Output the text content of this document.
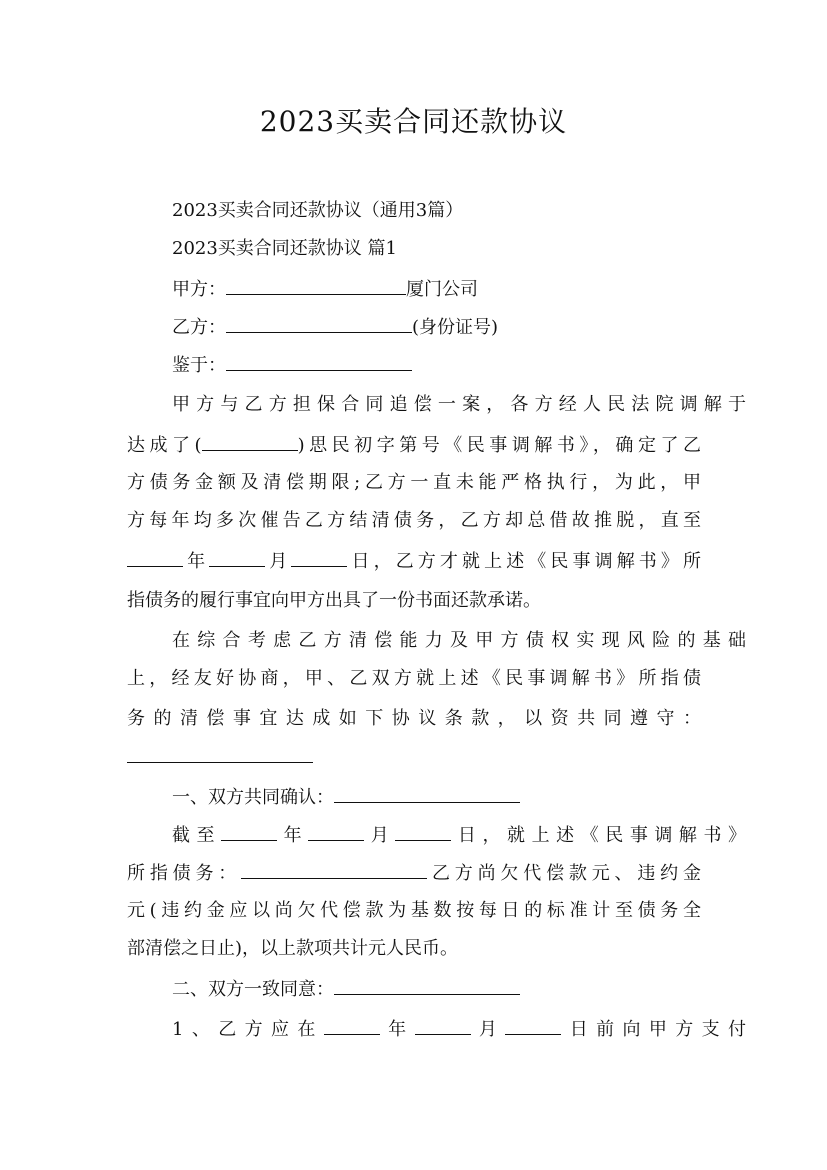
2023买卖合同还款协议
2023买卖合同还款协议（通用3篇）
2023买卖合同还款协议 篇1
甲方：	厦门公司
乙方：	(身份证号)
鉴于：
甲方与乙方担保合同追偿一案，各方经人民法院调解于
达成了(	)思民初字第号《民事调解书》，确定了乙
方债务金额及清偿期限;乙方一直未能严格执行，为此，甲
方每年均多次催告乙方结清债务，乙方却总借故推脱，直至
年	月	日，乙方才就上述《民事调解书》所
指债务的履行事宜向甲方出具了一份书面还款承诺。
在综合考虑乙方清偿能力及甲方债权实现风险的基础
上，经友好协商，甲、乙双方就上述《民事调解书》所指债
务的清偿事宜达成如下协议条款，以资共同遵守：
一、双方共同确认：
截至	年	月	日，就上述《民事调解书》
所指债务：	乙方尚欠代偿款元、违约金
元(违约金应以尚欠代偿款为基数按每日的标准计至债务全
部清偿之日止)，以上款项共计元人民币。
二、双方一致同意：
1、乙方应在	年	月	日前向甲方支付
